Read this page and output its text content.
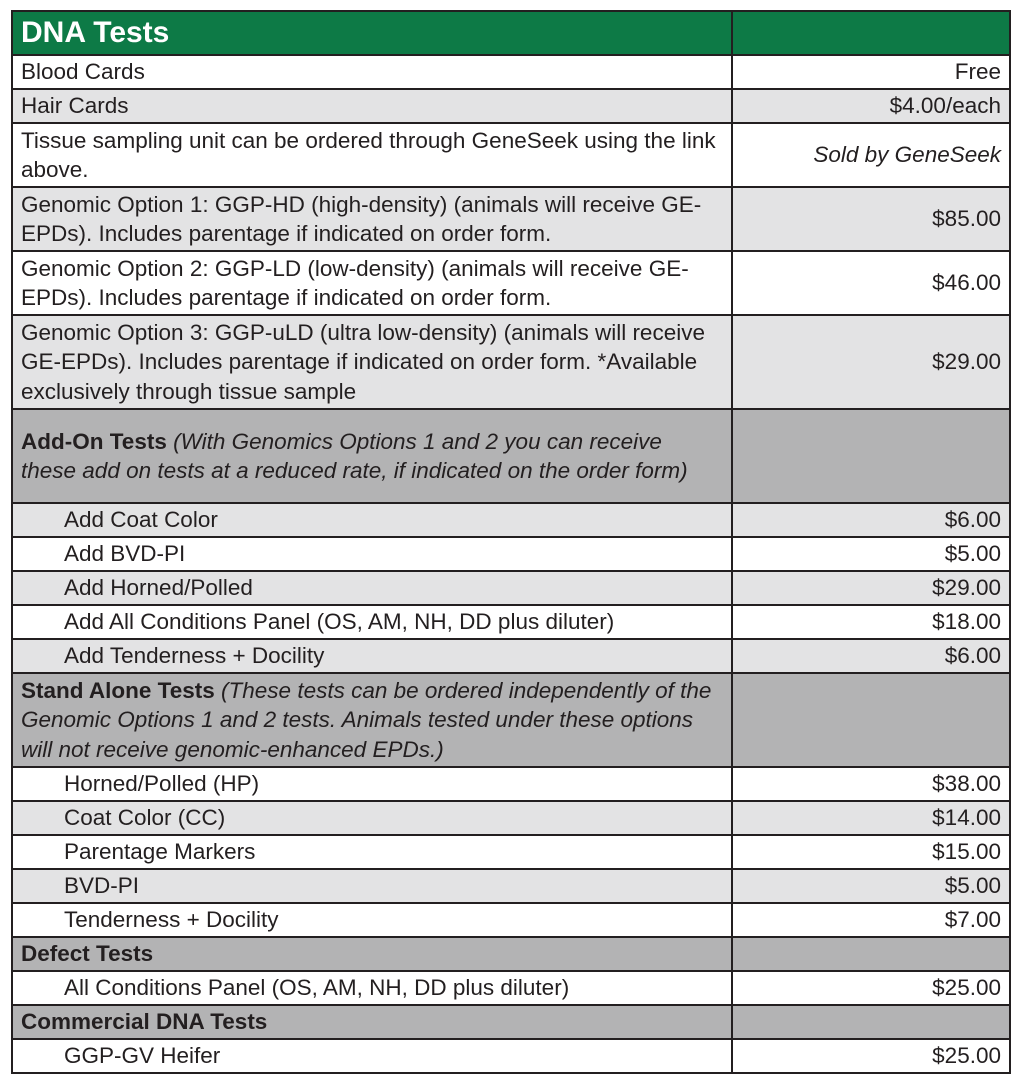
DNA Tests	
Blood Cards	Free
Hair Cards	$4.00/each
Tissue sampling unit can be ordered through GeneSeek using the link above.	Sold by GeneSeek
Genomic Option 1: GGP-HD (high-density) (animals will receive GE-EPDs). Includes parentage if indicated on order form.	$85.00
Genomic Option 2: GGP-LD (low-density) (animals will receive GE- EPDs). Includes parentage if indicated on order form.	$46.00
Genomic Option 3: GGP-uLD (ultra low-density) (animals will receive GE-EPDs). Includes parentage if indicated on order form. *Available exclusively through tissue sample	$29.00
Add-On Tests (With Genomics Options 1 and 2 you can receive these add on tests at a reduced rate, if indicated on the order form)	
Add Coat Color	$6.00
Add BVD-PI	$5.00
Add Horned/Polled	$29.00
Add All Conditions Panel (OS, AM, NH, DD plus diluter)	$18.00
Add Tenderness + Docility	$6.00
Stand Alone Tests (These tests can be ordered independently of the Genomic Options 1 and 2 tests. Animals tested under these options will not receive genomic-enhanced EPDs.)	
Horned/Polled (HP)	$38.00
Coat Color (CC)	$14.00
Parentage Markers	$15.00
BVD-PI	$5.00
Tenderness + Docility	$7.00
Defect Tests	
All Conditions Panel (OS, AM, NH, DD plus diluter)	$25.00
Commercial DNA Tests	
GGP-GV Heifer	$25.00
